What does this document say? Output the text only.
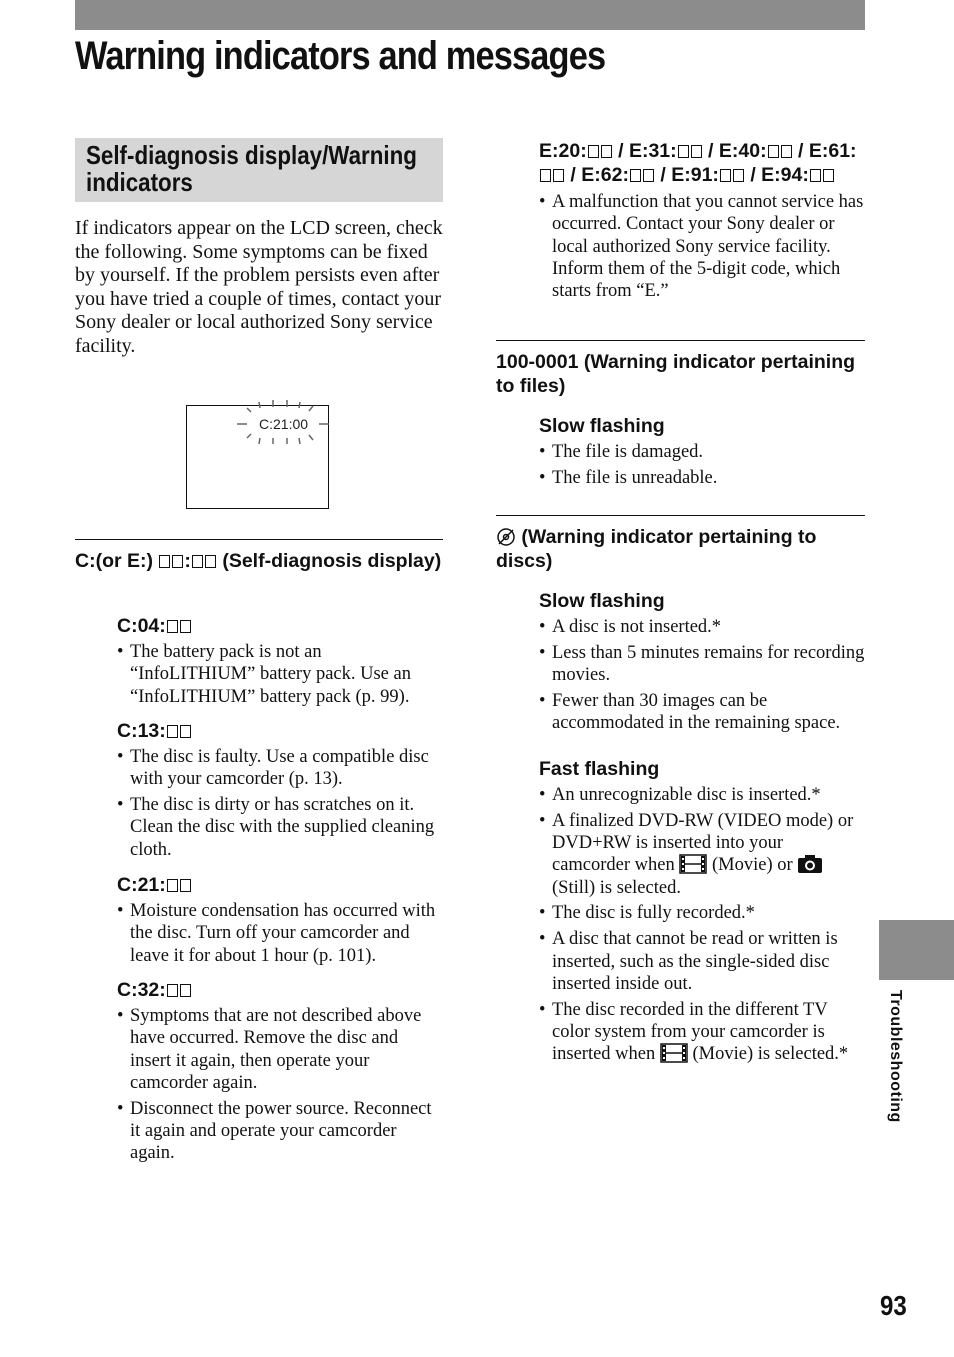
Warning indicators and messages
Self-diagnosis display/Warning indicators
If indicators appear on the LCD screen, check the following. Some symptoms can be fixed by yourself. If the problem persists even after you have tried a couple of times, contact your Sony dealer or local authorized Sony service facility.
C:21:00
C:(or E:) : (Self-diagnosis display)
C:04:
• The battery pack is not an “InfoLITHIUM” battery pack. Use an “InfoLITHIUM” battery pack (p. 99).
C:13:
• The disc is faulty. Use a compatible disc with your camcorder (p. 13).
• The disc is dirty or has scratches on it. Clean the disc with the supplied cleaning cloth.
C:21:
• Moisture condensation has occurred with the disc. Turn off your camcorder and leave it for about 1 hour (p. 101).
C:32:
• Symptoms that are not described above have occurred. Remove the disc and insert it again, then operate your camcorder again.
• Disconnect the power source. Reconnect it again and operate your camcorder again.
E:20: / E:31: / E:40: / E:61: / E:62: / E:91: / E:94:
• A malfunction that you cannot service has occurred. Contact your Sony dealer or local authorized Sony service facility. Inform them of the 5-digit code, which starts from “E.”
100-0001 (Warning indicator pertaining to files)
Slow flashing
• The file is damaged.
• The file is unreadable.
(Warning indicator pertaining to discs)
Slow flashing
• A disc is not inserted.*
• Less than 5 minutes remains for recording movies.
• Fewer than 30 images can be accommodated in the remaining space.
Fast flashing
• An unrecognizable disc is inserted.*
• A finalized DVD-RW (VIDEO mode) or DVD+RW is inserted into your camcorder when (Movie) or  (Still) is selected.
• The disc is fully recorded.*
• A disc that cannot be read or written is inserted, such as the single-sided disc inserted inside out.
• The disc recorded in the different TV color system from your camcorder is inserted when (Movie) is selected.*	Troubleshooting
93
